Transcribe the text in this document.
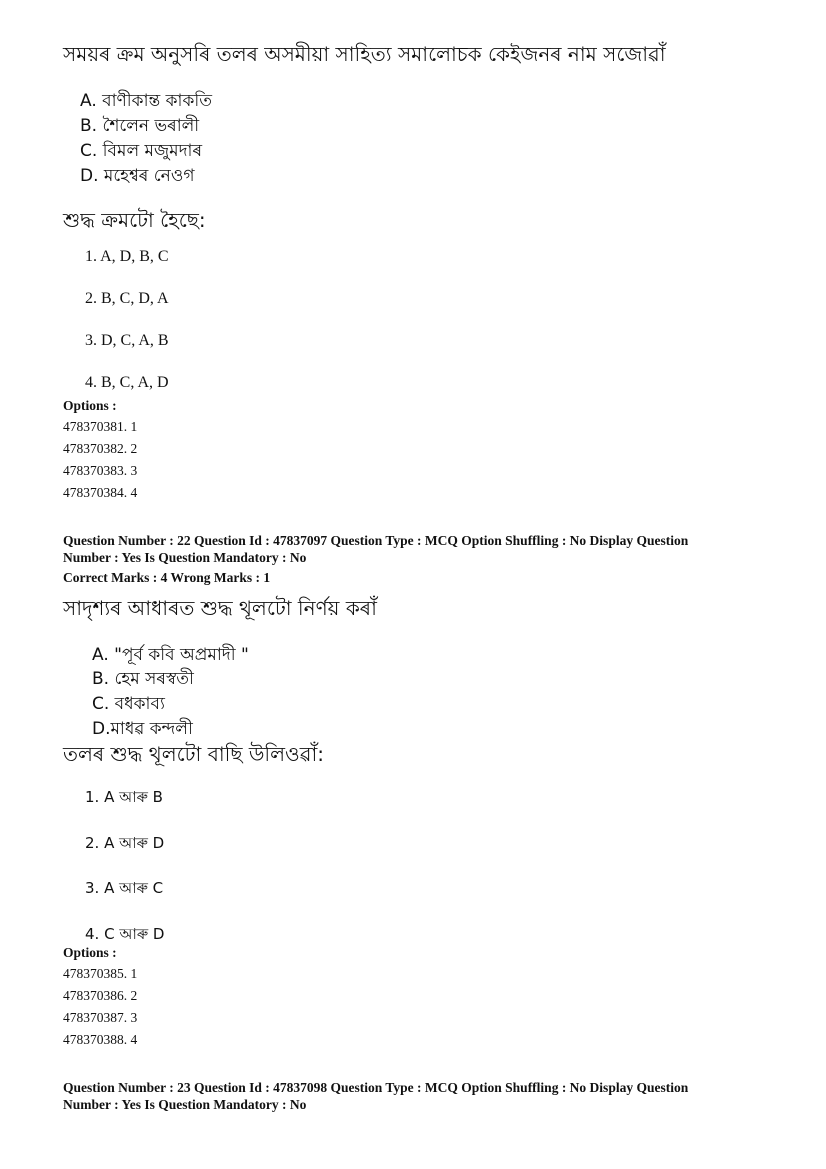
সময়ৰ ক্ৰম অনুসৰি তলৰ অসমীয়া সাহিত্য সমালোচক কেইজনৰ নাম সজোৱাঁ
A. বাণীকান্ত কাকতি
B. শৈলেন ভৰালী
C. বিমল মজুমদাৰ
D. মহেশ্বৰ নেওগ
শুদ্ধ ক্ৰমটো হৈছে:
1. A, D, B, C
2. B, C, D, A
3. D, C, A, B
4. B, C, A, D
Options :
478370381. 1
478370382. 2
478370383. 3
478370384. 4
Question Number : 22 Question Id : 47837097 Question Type : MCQ Option Shuffling : No Display Question
Number : Yes Is Question Mandatory : No
Correct Marks : 4 Wrong Marks : 1
সাদৃশ্যৰ আধাৰত শুদ্ধ থূলটো নিৰ্ণয় কৰাঁ
A. "পূৰ্ব কবি অপ্ৰমাদী "
B. হেম সৰস্বতী
C. বধকাব্য
D.মাধৱ কন্দলী
তলৰ শুদ্ধ থূলটো বাছি উলিওৱাঁ:
1. A আৰু B
2. A আৰু D
3. A আৰু C
4. C আৰু D
Options :
478370385. 1
478370386. 2
478370387. 3
478370388. 4
Question Number : 23 Question Id : 47837098 Question Type : MCQ Option Shuffling : No Display Question
Number : Yes Is Question Mandatory : No
